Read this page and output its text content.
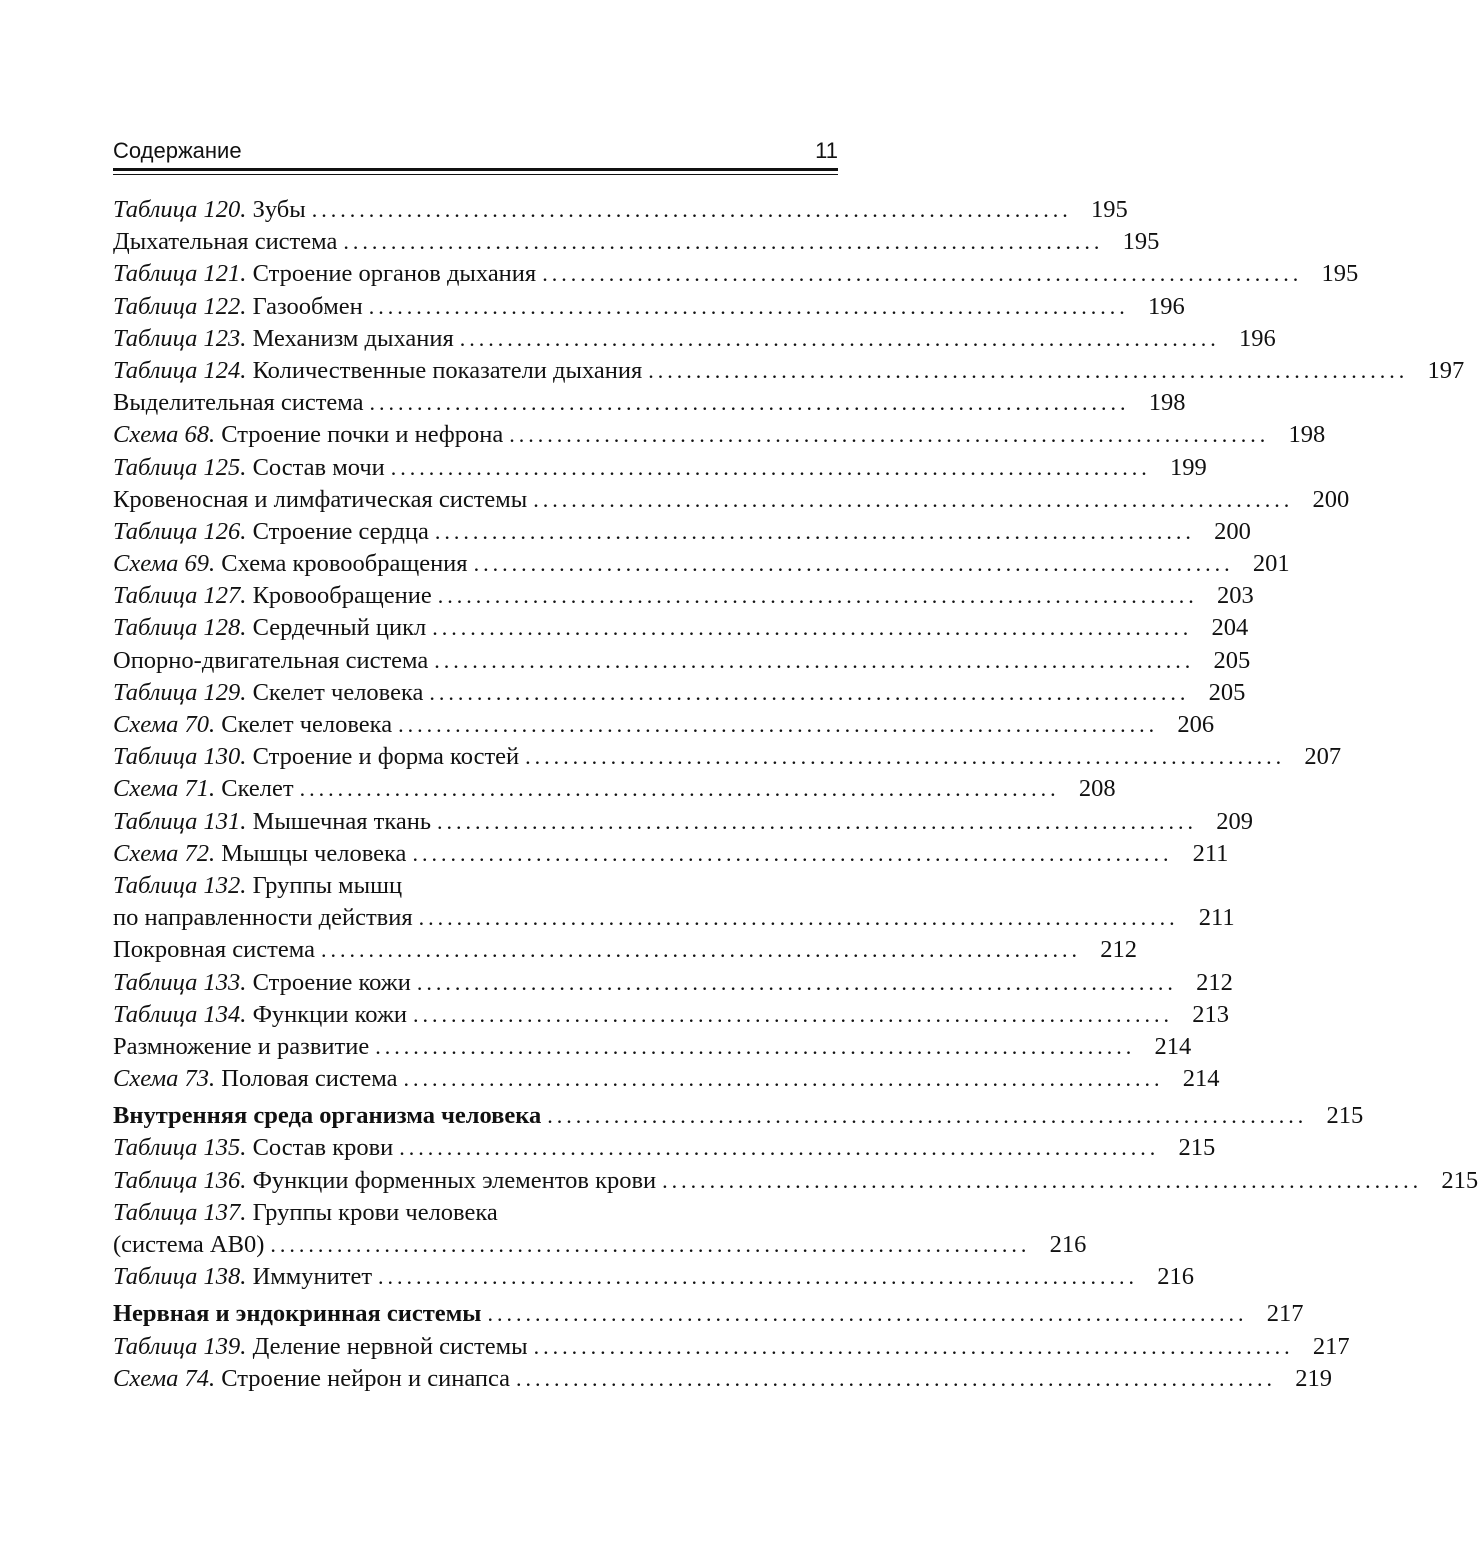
Содержание	11
Таблица 120. Зубы ................................................................................ 195
Дыхательная система ................................................................................ 195
Таблица 121. Строение органов дыхания ................................................................................ 195
Таблица 122. Газообмен ................................................................................ 196
Таблица 123. Механизм дыхания ................................................................................ 196
Таблица 124. Количественные показатели дыхания ................................................................................ 197
Выделительная система ................................................................................ 198
Схема 68. Строение почки и нефрона ................................................................................ 198
Таблица 125. Состав мочи ................................................................................ 199
Кровеносная и лимфатическая системы ................................................................................ 200
Таблица 126. Строение сердца ................................................................................ 200
Схема 69. Схема кровообращения ................................................................................ 201
Таблица 127. Кровообращение ................................................................................ 203
Таблица 128. Сердечный цикл ................................................................................ 204
Опорно-двигательная система ................................................................................ 205
Таблица 129. Скелет человека ................................................................................ 205
Схема 70. Скелет человека ................................................................................ 206
Таблица 130. Строение и форма костей ................................................................................ 207
Схема 71. Скелет ................................................................................ 208
Таблица 131. Мышечная ткань ................................................................................ 209
Схема 72. Мышцы человека ................................................................................ 211
Таблица 132. Группы мышц
по направленности действия ................................................................................ 211
Покровная система ................................................................................ 212
Таблица 133. Строение кожи ................................................................................ 212
Таблица 134. Функции кожи ................................................................................ 213
Размножение и развитие ................................................................................ 214
Схема 73. Половая система ................................................................................ 214
Внутренняя среда организма человека ................................................................................ 215
Таблица 135. Состав крови ................................................................................ 215
Таблица 136. Функции форменных элементов крови ................................................................................ 215
Таблица 137. Группы крови человека
(система AB0) ................................................................................ 216
Таблица 138. Иммунитет ................................................................................ 216
Нервная и эндокринная системы ................................................................................ 217
Таблица 139. Деление нервной системы ................................................................................ 217
Схема 74. Строение нейрон и синапса ................................................................................ 219
